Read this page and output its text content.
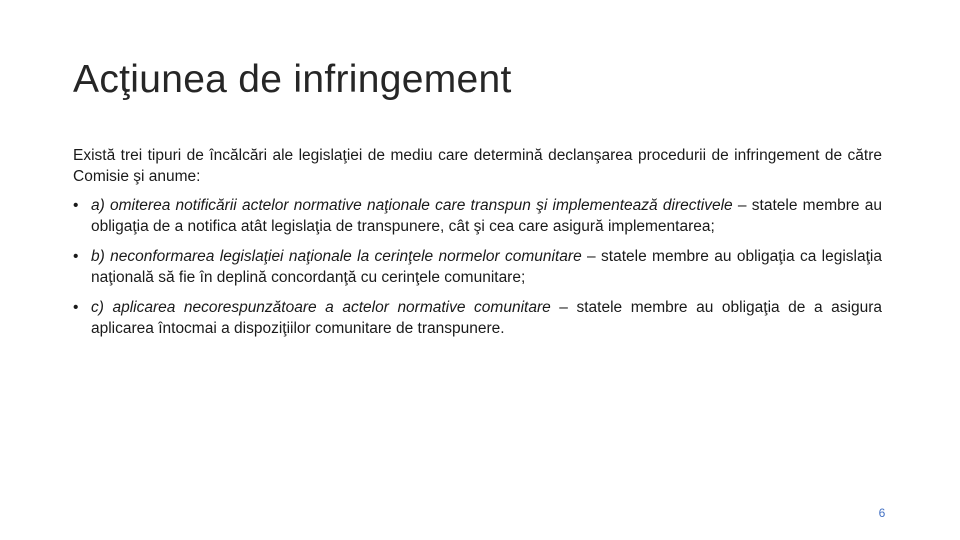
Acţiunea de infringement

Există trei tipuri de încălcări ale legislaţiei de mediu care determină declanşarea procedurii de infringement de către Comisie şi anume:

• a) omiterea notificării actelor normative naţionale care transpun şi implementează directivele – statele membre au obligaţia de a notifica atât legislaţia de transpunere, cât şi cea care asigură implementarea;
• b) neconformarea legislaţiei naţionale la cerinţele normelor comunitare – statele membre au obligaţia ca legislaţia naţională să fie în deplină concordanţă cu cerinţele comunitare;
• c) aplicarea necorespunzătoare a actelor normative comunitare – statele membre au obligaţia de a asigura aplicarea întocmai a dispoziţiilor comunitare de transpunere.
6
